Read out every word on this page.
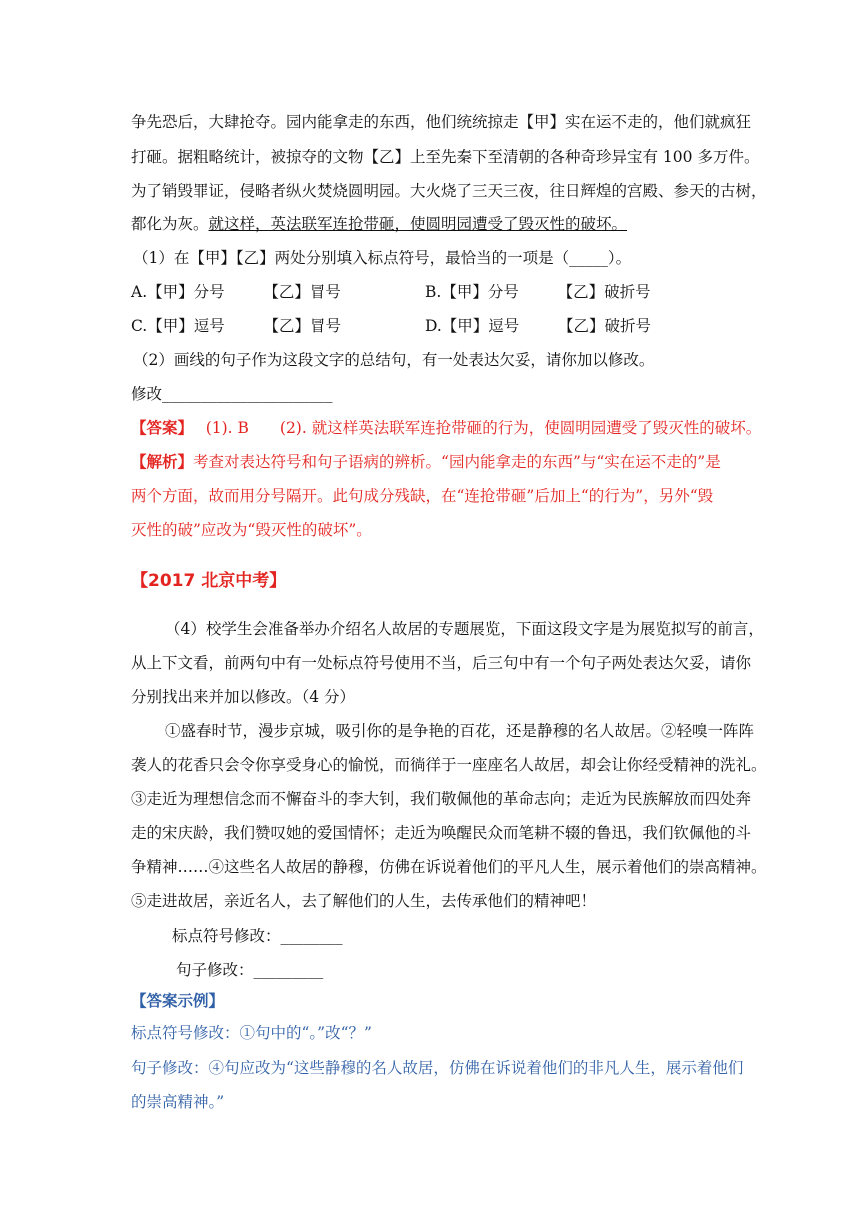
争先恐后，大肆抢夺。园内能拿走的东西，他们统统掠走【甲】实在运不走的，他们就疯狂
打砸。据粗略统计，被掠夺的文物【乙】上至先秦下至清朝的各种奇珍异宝有 100 多万件。
为了销毁罪证，侵略者纵火焚烧圆明园。大火烧了三天三夜，往日辉煌的宫殿、参天的古树，
都化为灰。就这样，英法联军连抢带砸，使圆明园遭受了毁灭性的破坏。
（1）在【甲】【乙】两处分别填入标点符号，最恰当的一项是（_____）。
A.【甲】分号　　　【乙】冒号	B.【甲】分号　　　【乙】破折号
C.【甲】逗号　　　【乙】冒号	D.【甲】逗号　　　【乙】破折号
（2）画线的句子作为这段文字的总结句，有一处表达欠妥，请你加以修改。
修改______________________
【答案】　 (1). B　　(2). 就这样英法联军连抢带砸的行为，使圆明园遭受了毁灭性的破坏。
【解析】考查对表达符号和句子语病的辨析。“园内能拿走的东西”与“实在运不走的”是
两个方面，故而用分号隔开。此句成分残缺，在“连抢带砸”后加上“的行为”，另外“毁
灭性的破”应改为“毁灭性的破坏”。
【2017 北京中考】
（4）校学生会准备举办介绍名人故居的专题展览，下面这段文字是为展览拟写的前言，
从上下文看，前两句中有一处标点符号使用不当，后三句中有一个句子两处表达欠妥，请你
分别找出来并加以修改。（4 分）
①盛春时节，漫步京城，吸引你的是争艳的百花，还是静穆的名人故居。②轻嗅一阵阵
袭人的花香只会令你享受身心的愉悦，而徜徉于一座座名人故居，却会让你经受精神的洗礼。
③走近为理想信念而不懈奋斗的李大钊，我们敬佩他的革命志向；走近为民族解放而四处奔
走的宋庆龄，我们赞叹她的爱国情怀；走近为唤醒民众而笔耕不辍的鲁迅，我们钦佩他的斗
争精神……④这些名人故居的静穆，仿佛在诉说着他们的平凡人生，展示着他们的崇高精神。
⑤走进故居，亲近名人，去了解他们的人生，去传承他们的精神吧！
标点符号修改：________
句子修改：_________
【答案示例】
标点符号修改：①句中的“。”改“？”
句子修改：④句应改为“这些静穆的名人故居，仿佛在诉说着他们的非凡人生，展示着他们
的崇高精神。”
